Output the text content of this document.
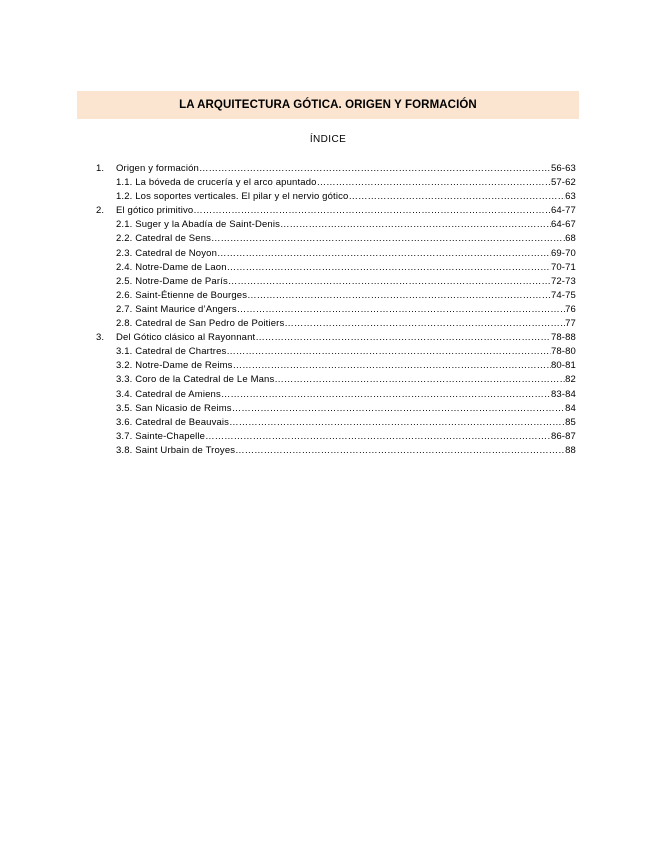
LA ARQUITECTURA GÓTICA. ORIGEN Y FORMACIÓN
ÍNDICE
1.	Origen y formación ………………………………………………………………………………………………………………………………………………………………………………………………………………………………	56-63
1.1. La bóveda de crucería y el arco apuntado ………………………………………………………………………………………………………………………………………………………………………………………………………………………………	57-62
1.2. Los soportes verticales. El pilar y el nervio gótico ………………………………………………………………………………………………………………………………………………………………………………………………………………………………	63
2.	El gótico primitivo ………………………………………………………………………………………………………………………………………………………………………………………………………………………………	64-77
2.1. Suger y la Abadía de Saint-Denis ………………………………………………………………………………………………………………………………………………………………………………………………………………………………	64-67
2.2. Catedral de Sens ………………………………………………………………………………………………………………………………………………………………………………………………………………………………	68
2.3. Catedral de Noyon ………………………………………………………………………………………………………………………………………………………………………………………………………………………………	69-70
2.4. Notre-Dame de Laon ………………………………………………………………………………………………………………………………………………………………………………………………………………………………	70-71
2.5. Notre-Dame de París ………………………………………………………………………………………………………………………………………………………………………………………………………………………………	72-73
2.6. Saint-Étienne de Bourges ………………………………………………………………………………………………………………………………………………………………………………………………………………………………	74-75
2.7. Saint Maurice d’Angers ………………………………………………………………………………………………………………………………………………………………………………………………………………………………	76
2.8. Catedral de San Pedro de Poitiers ………………………………………………………………………………………………………………………………………………………………………………………………………………………………	77
3.	Del Gótico clásico al Rayonnant ………………………………………………………………………………………………………………………………………………………………………………………………………………………………	78-88
3.1. Catedral de Chartres ………………………………………………………………………………………………………………………………………………………………………………………………………………………………	78-80
3.2. Notre-Dame de Reims ………………………………………………………………………………………………………………………………………………………………………………………………………………………………	80-81
3.3. Coro de la Catedral de Le Mans ………………………………………………………………………………………………………………………………………………………………………………………………………………………………	82
3.4. Catedral de Amiens ………………………………………………………………………………………………………………………………………………………………………………………………………………………………	83-84
3.5. San Nicasio de Reims ………………………………………………………………………………………………………………………………………………………………………………………………………………………………	84
3.6. Catedral de Beauvais ………………………………………………………………………………………………………………………………………………………………………………………………………………………………	85
3.7. Sainte-Chapelle ………………………………………………………………………………………………………………………………………………………………………………………………………………………………	86-87
3.8. Saint Urbain de Troyes ………………………………………………………………………………………………………………………………………………………………………………………………………………………………	88
